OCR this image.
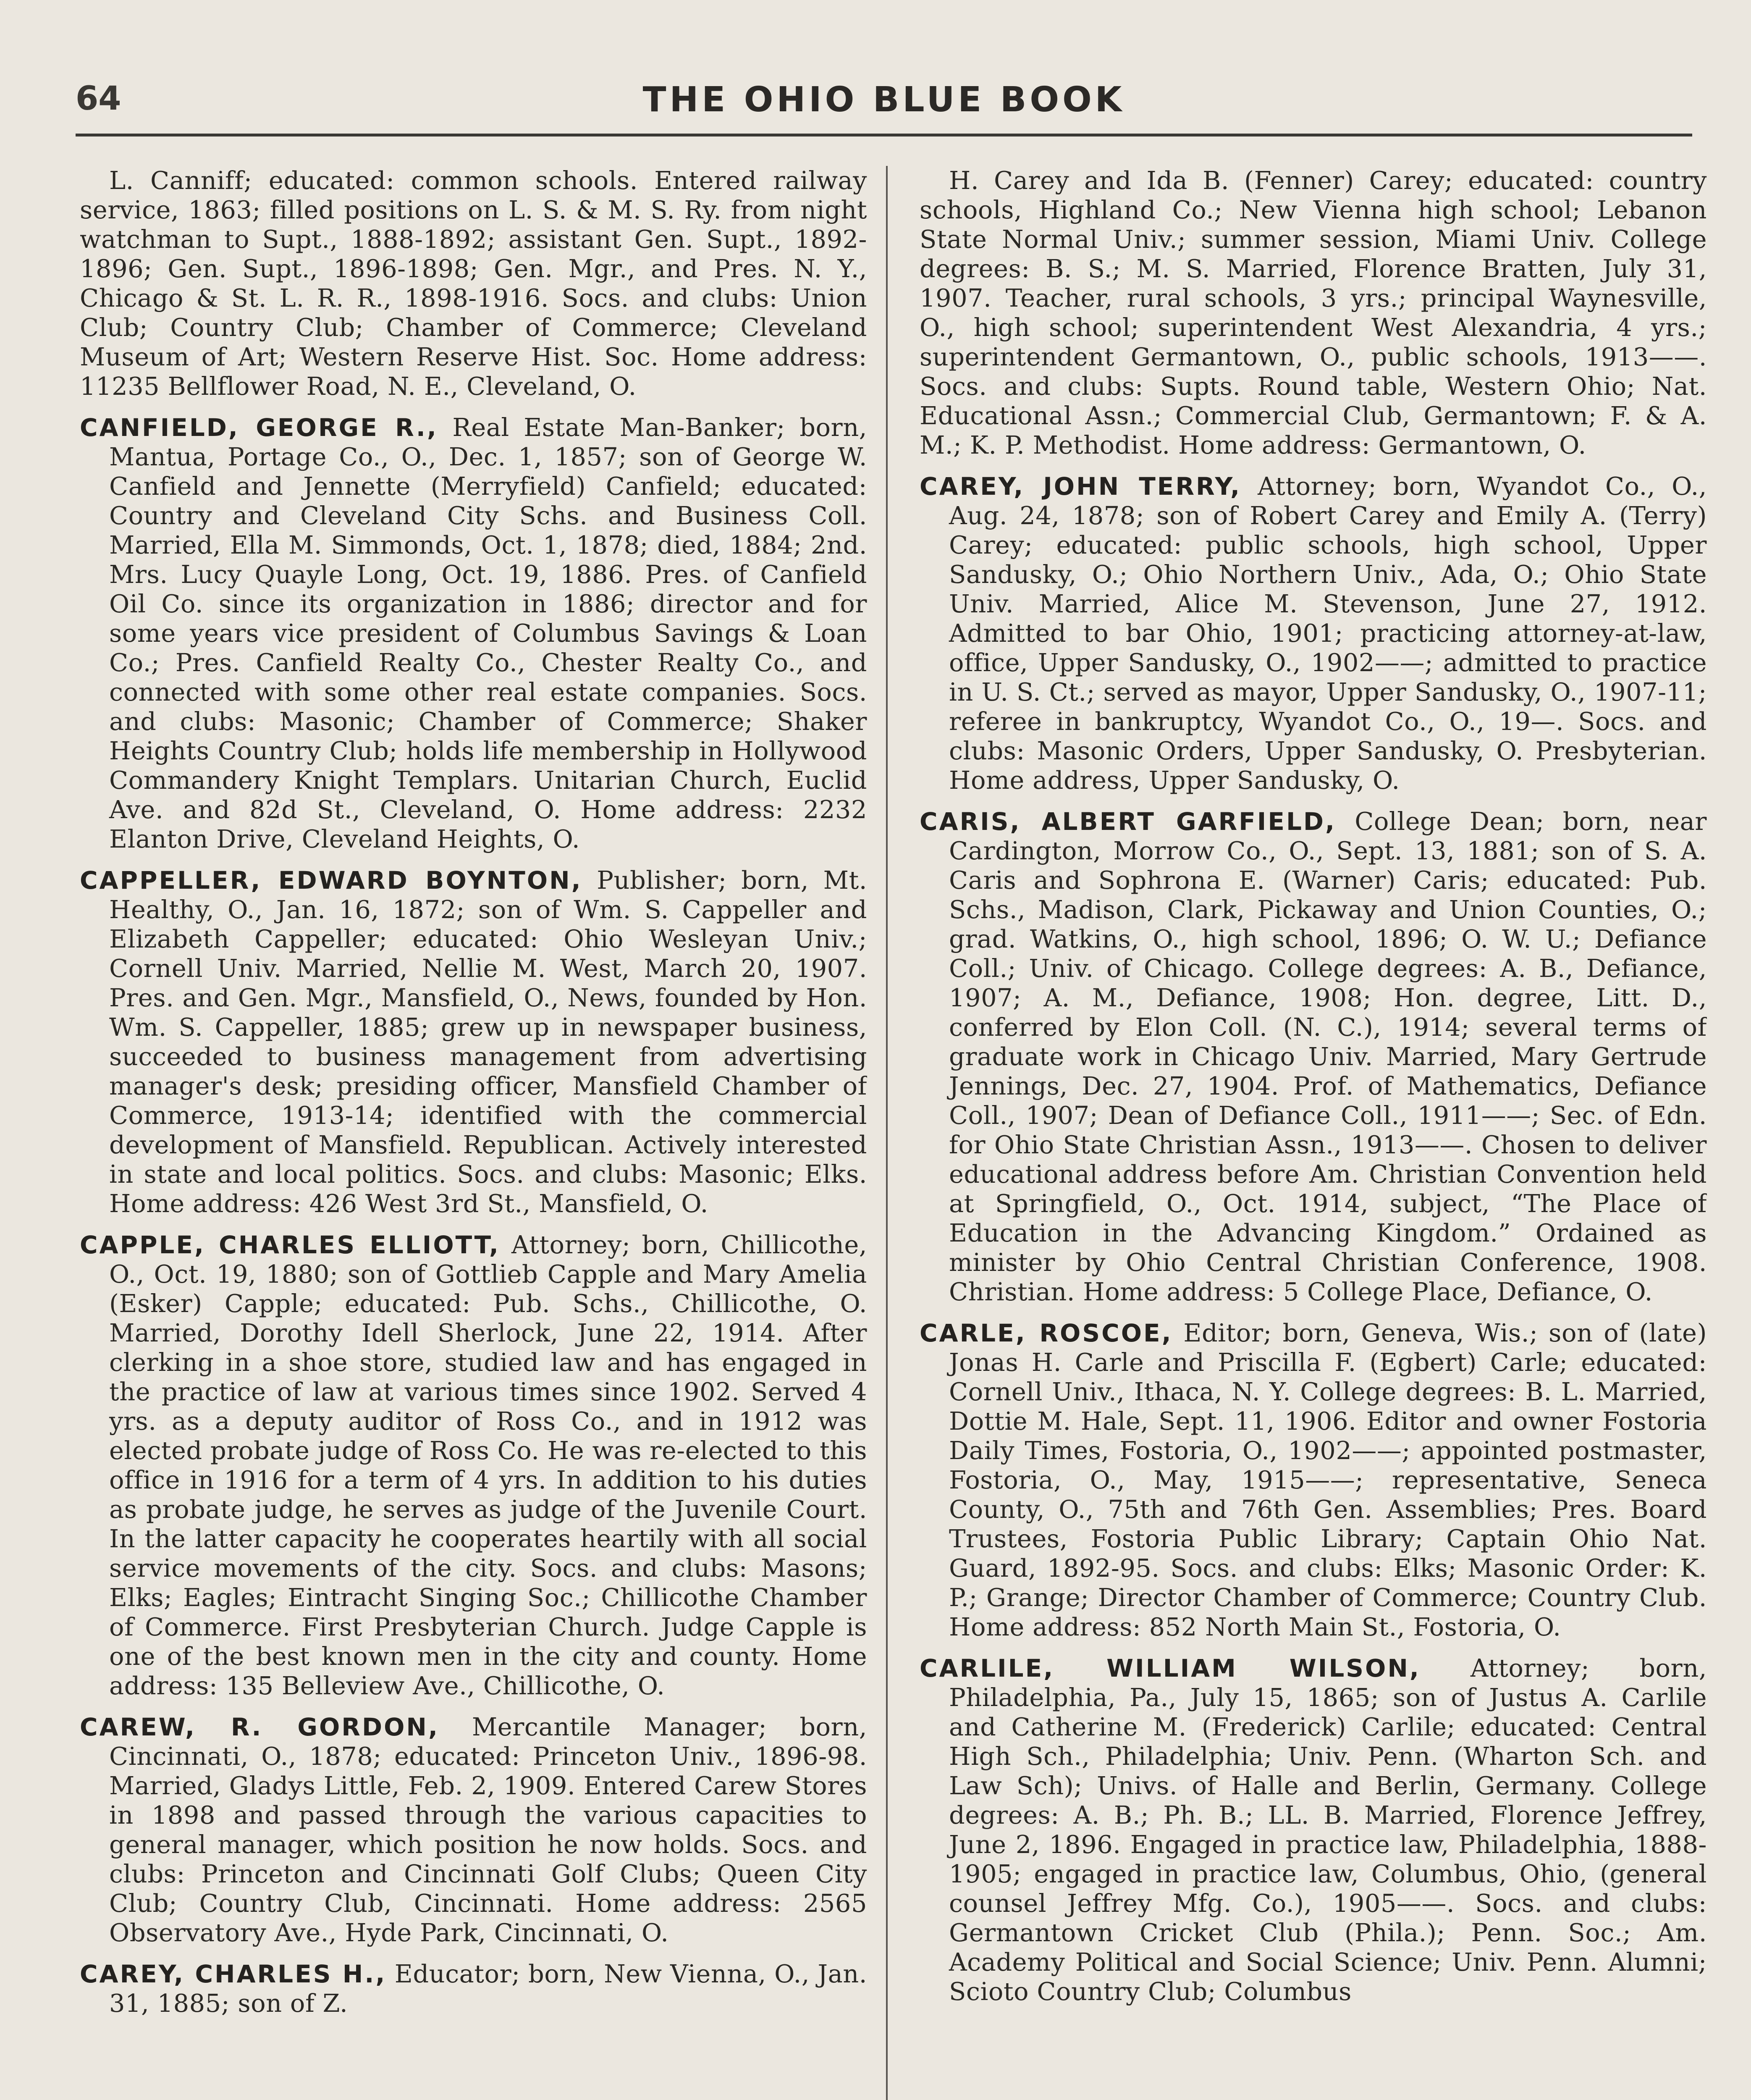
64	THE OHIO BLUE BOOK

L. Canniff; educated: common schools. Entered railway service, 1863; filled positions on L. S. & M. S. Ry. from night watchman to Supt., 1888-1892; assistant Gen. Supt., 1892-1896; Gen. Supt., 1896-1898; Gen. Mgr., and Pres. N. Y., Chicago & St. L. R. R., 1898-1916. Socs. and clubs: Union Club; Country Club; Chamber of Commerce; Cleveland Museum of Art; Western Reserve Hist. Soc. Home address: 11235 Bellflower Road, N. E., Cleveland, O.

CANFIELD, GEORGE R., Real Estate Man-Banker; born, Mantua, Portage Co., O., Dec. 1, 1857; son of George W. Canfield and Jennette (Merryfield) Canfield; educated: Country and Cleveland City Schs. and Business Coll. Married, Ella M. Simmonds, Oct. 1, 1878; died, 1884; 2nd. Mrs. Lucy Quayle Long, Oct. 19, 1886. Pres. of Canfield Oil Co. since its organization in 1886; director and for some years vice president of Columbus Savings & Loan Co.; Pres. Canfield Realty Co., Chester Realty Co., and connected with some other real estate companies. Socs. and clubs: Masonic; Chamber of Commerce; Shaker Heights Country Club; holds life membership in Hollywood Commandery Knight Templars. Unitarian Church, Euclid Ave. and 82d St., Cleveland, O. Home address: 2232 Elanton Drive, Cleveland Heights, O.

CAPPELLER, EDWARD BOYNTON, Publisher; born, Mt. Healthy, O., Jan. 16, 1872; son of Wm. S. Cappeller and Elizabeth Cappeller; educated: Ohio Wesleyan Univ.; Cornell Univ. Married, Nellie M. West, March 20, 1907. Pres. and Gen. Mgr., Mansfield, O., News, founded by Hon. Wm. S. Cappeller, 1885; grew up in newspaper business, succeeded to business management from advertising manager's desk; presiding officer, Mansfield Chamber of Commerce, 1913-14; identified with the commercial development of Mansfield. Republican. Actively interested in state and local politics. Socs. and clubs: Masonic; Elks. Home address: 426 West 3rd St., Mansfield, O.

CAPPLE, CHARLES ELLIOTT, Attorney; born, Chillicothe, O., Oct. 19, 1880; son of Gottlieb Capple and Mary Amelia (Esker) Capple; educated: Pub. Schs., Chillicothe, O. Married, Dorothy Idell Sherlock, June 22, 1914. After clerking in a shoe store, studied law and has engaged in the practice of law at various times since 1902. Served 4 yrs. as a deputy auditor of Ross Co., and in 1912 was elected probate judge of Ross Co. He was re-elected to this office in 1916 for a term of 4 yrs. In addition to his duties as probate judge, he serves as judge of the Juvenile Court. In the latter capacity he cooperates heartily with all social service movements of the city. Socs. and clubs: Masons; Elks; Eagles; Eintracht Singing Soc.; Chillicothe Chamber of Commerce. First Presbyterian Church. Judge Capple is one of the best known men in the city and county. Home address: 135 Belleview Ave., Chillicothe, O.

CAREW, R. GORDON, Mercantile Manager; born, Cincinnati, O., 1878; educated: Princeton Univ., 1896-98. Married, Gladys Little, Feb. 2, 1909. Entered Carew Stores in 1898 and passed through the various capacities to general manager, which position he now holds. Socs. and clubs: Princeton and Cincinnati Golf Clubs; Queen City Club; Country Club, Cincinnati. Home address: 2565 Observatory Ave., Hyde Park, Cincinnati, O.

CAREY, CHARLES H., Educator; born, New Vienna, O., Jan. 31, 1885; son of Z.

H. Carey and Ida B. (Fenner) Carey; educated: country schools, Highland Co.; New Vienna high school; Lebanon State Normal Univ.; summer session, Miami Univ. College degrees: B. S.; M. S. Married, Florence Bratten, July 31, 1907. Teacher, rural schools, 3 yrs.; principal Waynesville, O., high school; superintendent West Alexandria, 4 yrs.; superintendent Germantown, O., public schools, 1913——. Socs. and clubs: Supts. Round table, Western Ohio; Nat. Educational Assn.; Commercial Club, Germantown; F. & A. M.; K. P. Methodist. Home address: Germantown, O.

CAREY, JOHN TERRY, Attorney; born, Wyandot Co., O., Aug. 24, 1878; son of Robert Carey and Emily A. (Terry) Carey; educated: public schools, high school, Upper Sandusky, O.; Ohio Northern Univ., Ada, O.; Ohio State Univ. Married, Alice M. Stevenson, June 27, 1912. Admitted to bar Ohio, 1901; practicing attorney-at-law, office, Upper Sandusky, O., 1902——; admitted to practice in U. S. Ct.; served as mayor, Upper Sandusky, O., 1907-11; referee in bankruptcy, Wyandot Co., O., 19—. Socs. and clubs: Masonic Orders, Upper Sandusky, O. Presbyterian. Home address, Upper Sandusky, O.

CARIS, ALBERT GARFIELD, College Dean; born, near Cardington, Morrow Co., O., Sept. 13, 1881; son of S. A. Caris and Sophrona E. (Warner) Caris; educated: Pub. Schs., Madison, Clark, Pickaway and Union Counties, O.; grad. Watkins, O., high school, 1896; O. W. U.; Defiance Coll.; Univ. of Chicago. College degrees: A. B., Defiance, 1907; A. M., Defiance, 1908; Hon. degree, Litt. D., conferred by Elon Coll. (N. C.), 1914; several terms of graduate work in Chicago Univ. Married, Mary Gertrude Jennings, Dec. 27, 1904. Prof. of Mathematics, Defiance Coll., 1907; Dean of Defiance Coll., 1911——; Sec. of Edn. for Ohio State Christian Assn., 1913——. Chosen to deliver educational address before Am. Christian Convention held at Springfield, O., Oct. 1914, subject, “The Place of Education in the Advancing Kingdom.” Ordained as minister by Ohio Central Christian Conference, 1908. Christian. Home address: 5 College Place, Defiance, O.

CARLE, ROSCOE, Editor; born, Geneva, Wis.; son of (late) Jonas H. Carle and Priscilla F. (Egbert) Carle; educated: Cornell Univ., Ithaca, N. Y. College degrees: B. L. Married, Dottie M. Hale, Sept. 11, 1906. Editor and owner Fostoria Daily Times, Fostoria, O., 1902——; appointed postmaster, Fostoria, O., May, 1915——; representative, Seneca County, O., 75th and 76th Gen. Assemblies; Pres. Board Trustees, Fostoria Public Library; Captain Ohio Nat. Guard, 1892-95. Socs. and clubs: Elks; Masonic Order: K. P.; Grange; Director Chamber of Commerce; Country Club. Home address: 852 North Main St., Fostoria, O.

CARLILE, WILLIAM WILSON, Attorney; born, Philadelphia, Pa., July 15, 1865; son of Justus A. Carlile and Catherine M. (Frederick) Carlile; educated: Central High Sch., Philadelphia; Univ. Penn. (Wharton Sch. and Law Sch); Univs. of Halle and Berlin, Germany. College degrees: A. B.; Ph. B.; LL. B. Married, Florence Jeffrey, June 2, 1896. Engaged in practice law, Philadelphia, 1888-1905; engaged in practice law, Columbus, Ohio, (general counsel Jeffrey Mfg. Co.), 1905——. Socs. and clubs: Germantown Cricket Club (Phila.); Penn. Soc.; Am. Academy Political and Social Science; Univ. Penn. Alumni; Scioto Country Club; Columbus
